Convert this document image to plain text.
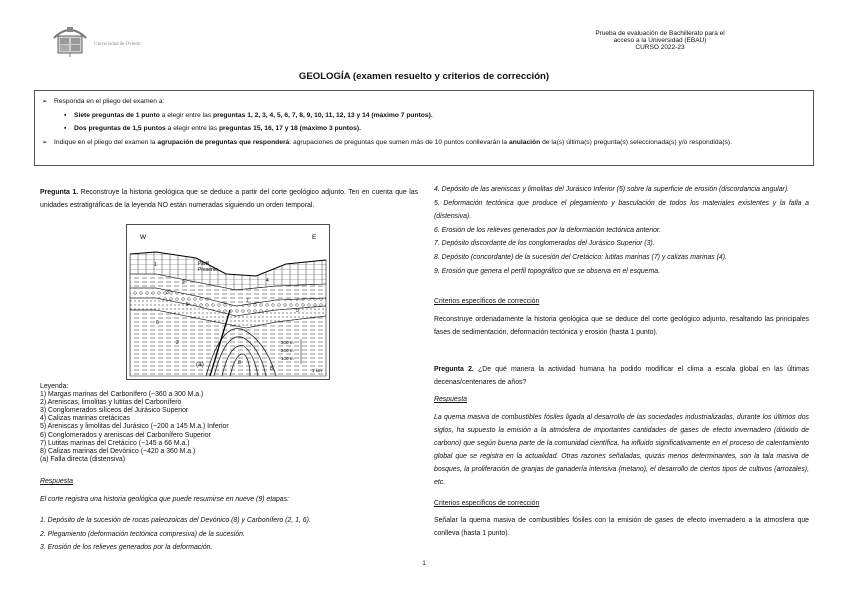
Universidad de Oviedo
Prueba de evaluación de Bachillerato para el
acceso a la Universidad (EBAU)
CURSO 2022-23
GEOLOGÍA (examen resuelto y criterios de corrección)
➢ Responda en el pliego del examen a:
▪ Siete preguntas de 1 punto a elegir entre las preguntas 1, 2, 3, 4, 5, 6, 7, 8, 9, 10, 11, 12, 13 y 14 (máximo 7 puntos).
▪ Dos preguntas de 1,5 puntos a elegir entre las preguntas 15, 16, 17 y 18 (máximo 3 puntos).
➢ Indique en el pliego del examen la agrupación de preguntas que responderá: agrupaciones de preguntas que sumen más de 10 puntos conllevarán la anulación de la(s) última(s) pregunta(s) seleccionada(s) y/o respondida(s).
Pregunta 1. Reconstruye la historia geológica que se deduce a partir del corte geológico adjunto. Ten en cuenta que las unidades estratigráficas de la leyenda NO están numeradas siguiendo un orden temporal.
W	E
Perfil
Presente
(a)
300 m
200 m
100 m
1 km
1
2
3
4
5
6
7
8
5
2
8
Leyenda:
1) Margas marinas del Carbonífero (~360 a 300 M.a.)
2) Areniscas, limolitas y lutitas del Carbonífero
3) Conglomerados silíceos del Jurásico Superior
4) Calizas marinas cretácicas
5) Areniscas y limolitas del Jurásico (~200 a 145 M.a.) Inferior
6) Conglomerados y areniscas del Carbonífero Superior
7) Lutitas marinas del Cretácico (~145 a 66 M.a.)
8) Calizas marinas del Devónico (~420 a 360 M.a.)
(a) Falla directa (distensiva)
Respuesta
El corte registra una historia geológica que puede resumirse en nueve (9) etapas:
1. Depósito de la sucesión de rocas paleozoicas del Devónico (8) y Carbonífero (2, 1, 6).
2. Plegamiento (deformación tectónica compresiva) de la sucesión.
3. Erosión de los relieves generados por la deformación.
4. Depósito de las areniscas y limolitas del Jurásico Inferior (5) sobre la superficie de erosión (discordancia angular).
5. Deformación tectónica que produce el plegamiento y basculación de todos los materiales existentes y la falla a (distensiva).
6. Erosión de los relieves generados por la deformación tectónica anterior.
7. Depósito discordante de los conglomerados del Jurásico Superior (3).
8. Depósito (concordante) de la sucesión del Cretácico: lutitas marinas (7) y calizas marinas (4).
9. Erosión que genera el perfil topográfico que se observa en el esquema.
Criterios específicos de corrección
Reconstruye ordenadamente la historia geológica que se deduce del corte geológico adjunto, resaltando las principales fases de sedimentación, deformación tectónica y erosión (hasta 1 punto).
Pregunta 2. ¿De qué manera la actividad humana ha podido modificar el clima a escala global en las últimas decenas/centenares de años?
Respuesta
La quema masiva de combustibles fósiles ligada al desarrollo de las sociedades industrializadas, durante los últimos dos siglos, ha supuesto la emisión a la atmósfera de importantes cantidades de gases de efecto invernadero (dióxido de carbono) que según buena parte de la comunidad científica, ha influido significativamente en el proceso de calentamiento global que se registra en la actualidad. Otras razones señaladas, quizás menos determinantes, son la tala masiva de bosques, la proliferación de granjas de ganadería intensiva (metano), el desarrollo de ciertos tipos de cultivos (arrozales), etc.
Criterios específicos de corrección
Señalar la quema masiva de combustibles fósiles con la emisión de gases de efecto invernadero a la atmosfera que conlleva (hasta 1 punto).
1
